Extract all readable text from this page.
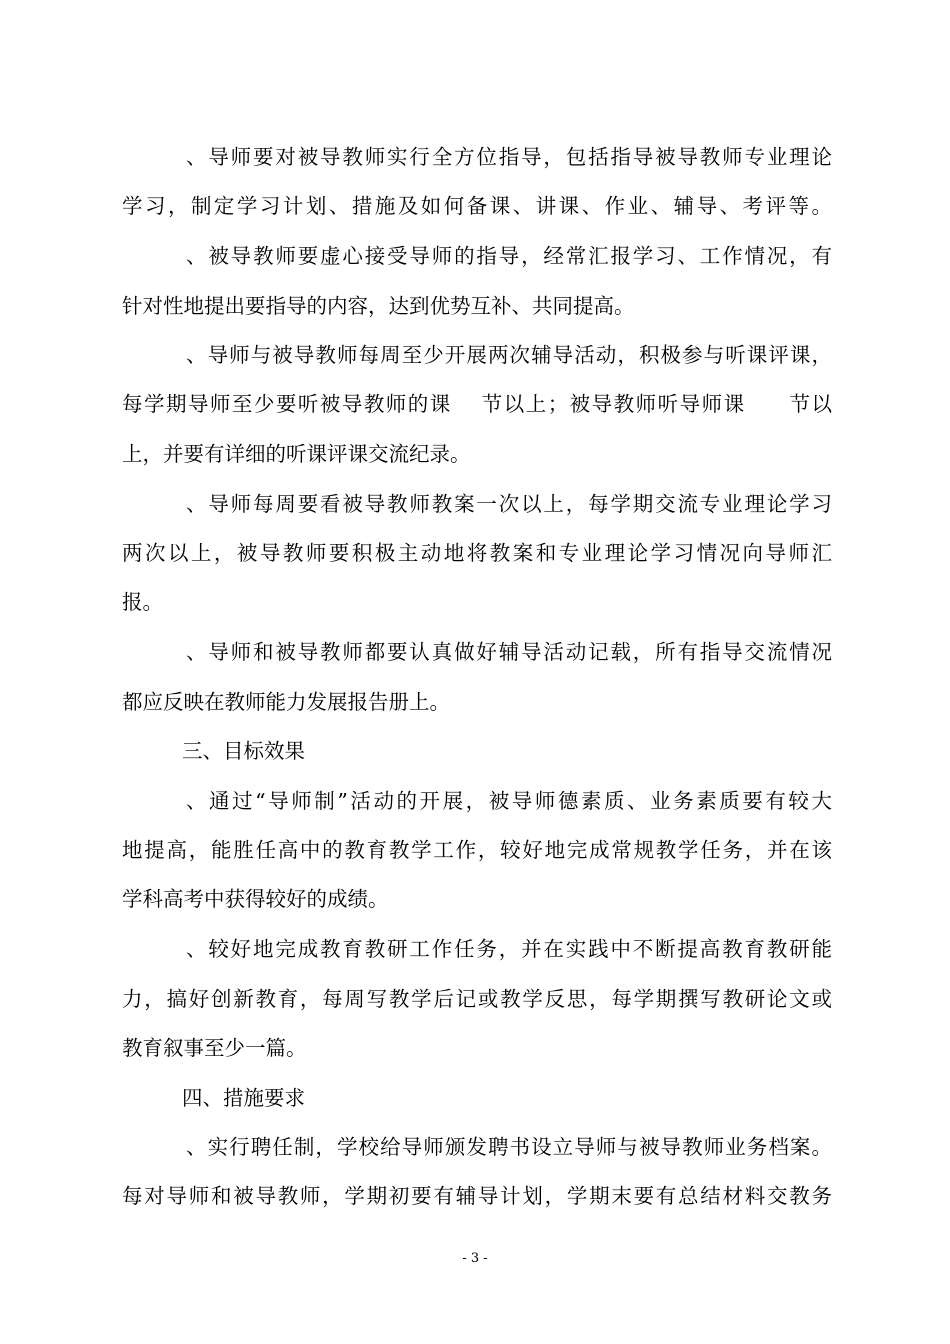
、导师要对被导教师实行全方位指导，包括指导被导教师专业理论
学习，制定学习计划、措施及如何备课、讲课、作业、辅导、考评等。
、被导教师要虚心接受导师的指导，经常汇报学习、工作情况，有
针对性地提出要指导的内容，达到优势互补、共同提高。
、导师与被导教师每周至少开展两次辅导活动，积极参与听课评课，
每学期导师至少要听被导教师的课　 节以上；被导教师听导师课　　节以
上，并要有详细的听课评课交流纪录。
、导师每周要看被导教师教案一次以上，每学期交流专业理论学习
两次以上，被导教师要积极主动地将教案和专业理论学习情况向导师汇
报。
、导师和被导教师都要认真做好辅导活动记载，所有指导交流情况
都应反映在教师能力发展报告册上。
三、目标效果
、通过“导师制”活动的开展，被导师德素质、业务素质要有较大
地提高，能胜任高中的教育教学工作，较好地完成常规教学任务，并在该
学科高考中获得较好的成绩。
、较好地完成教育教研工作任务，并在实践中不断提高教育教研能
力，搞好创新教育，每周写教学后记或教学反思，每学期撰写教研论文或
教育叙事至少一篇。
四、措施要求
、实行聘任制，学校给导师颁发聘书设立导师与被导教师业务档案。
每对导师和被导教师，学期初要有辅导计划，学期末要有总结材料交教务
- 3 -
